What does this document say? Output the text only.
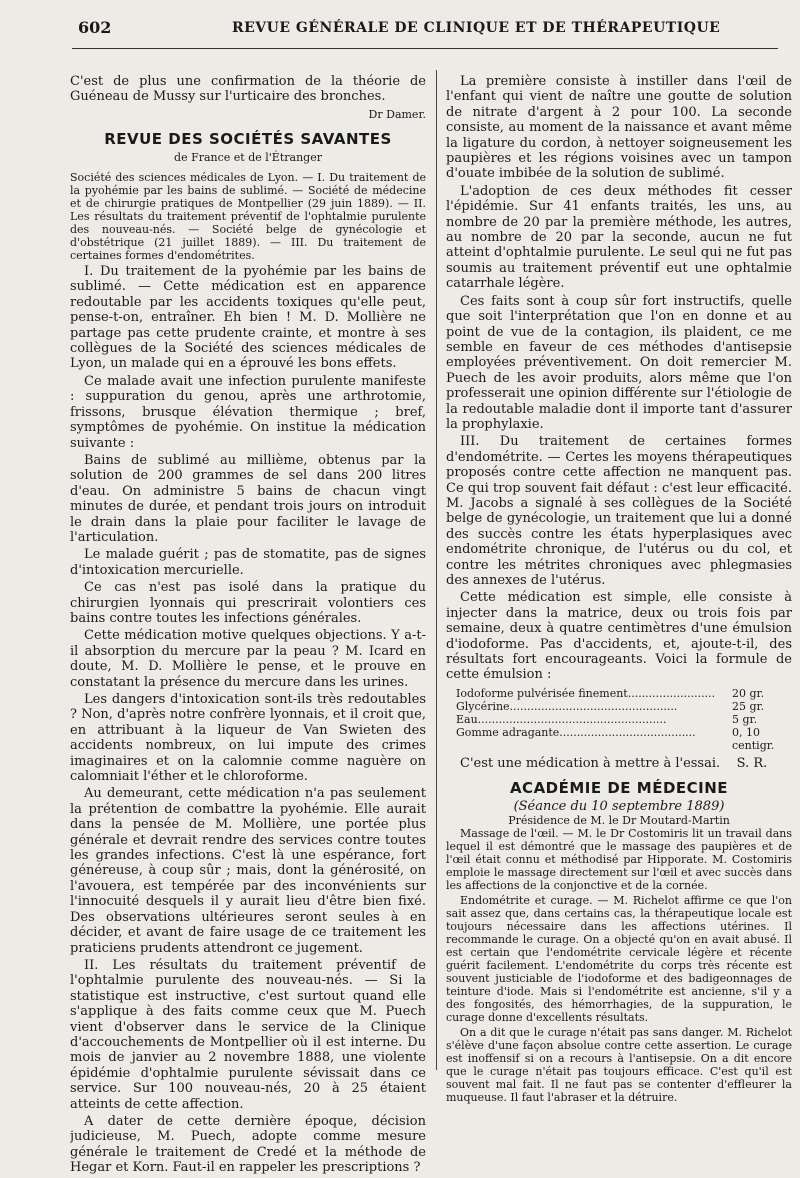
602	REVUE GÉNÉRALE DE CLINIQUE ET DE THÉRAPEUTIQUE

C'est de plus une confirmation de la théorie de Guéneau de Mussy sur l'urticaire des bronches.

Dr Damer.
REVUE DES SOCIÉTÉS SAVANTES
de France et de l'Étranger

Société des sciences médicales de Lyon. — I. Du traitement de la pyohémie par les bains de sublimé. — Société de médecine et de chirurgie pratiques de Montpellier (29 juin 1889). — II. Les résultats du traitement préventif de l'ophtalmie purulente des nouveau-nés. — Société belge de gynécologie et d'obstétrique (21 juillet 1889). — III. Du traitement de certaines formes d'endométrites.

I. Du traitement de la pyohémie par les bains de sublimé. — Cette médication est en apparence redoutable par les accidents toxiques qu'elle peut, pense-t-on, entraîner. Eh bien ! M. D. Mollière ne partage pas cette prudente crainte, et montre à ses collègues de la Société des sciences médicales de Lyon, un malade qui en a éprouvé les bons effets.

Ce malade avait une infection purulente manifeste : suppuration du genou, après une arthrotomie, frissons, brusque élévation thermique ; bref, symptômes de pyohémie. On institue la médication suivante :

Bains de sublimé au millième, obtenus par la solution de 200 grammes de sel dans 200 litres d'eau. On administre 5 bains de chacun vingt minutes de durée, et pendant trois jours on introduit le drain dans la plaie pour faciliter le lavage de l'articulation.

Le malade guérit ; pas de stomatite, pas de signes d'intoxication mercurielle.

Ce cas n'est pas isolé dans la pratique du chirurgien lyonnais qui prescrirait volontiers ces bains contre toutes les infections générales.

Cette médication motive quelques objections. Y a-t-il absorption du mercure par la peau ? M. Icard en doute, M. D. Mollière le pense, et le prouve en constatant la présence du mercure dans les urines.

Les dangers d'intoxication sont-ils très redoutables ? Non, d'après notre confrère lyonnais, et il croit que, en attribuant à la liqueur de Van Swieten des accidents nombreux, on lui impute des crimes imaginaires et on la calomnie comme naguère on calomniait l'éther et le chloroforme.

Au demeurant, cette médication n'a pas seulement la prétention de combattre la pyohémie. Elle aurait dans la pensée de M. Mollière, une portée plus générale et devrait rendre des services contre toutes les grandes infections. C'est là une espérance, fort généreuse, à coup sûr ; mais, dont la générosité, on l'avouera, est tempérée par des inconvénients sur l'innocuité desquels il y aurait lieu d'être bien fixé. Des observations ultérieures seront seules à en décider, et avant de faire usage de ce traitement les praticiens prudents attendront ce jugement.

II. Les résultats du traitement préventif de l'ophtalmie purulente des nouveau-nés. — Si la statistique est instructive, c'est surtout quand elle s'applique à des faits comme ceux que M. Puech vient d'observer dans le service de la Clinique d'accouchements de Montpellier où il est interne. Du mois de janvier au 2 novembre 1888, une violente épidémie d'ophtalmie purulente sévissait dans ce service. Sur 100 nouveau-nés, 20 à 25 étaient atteints de cette affection.

A dater de cette dernière époque, décision judicieuse, M. Puech, adopte comme mesure générale le traitement de Credé et la méthode de Hegar et Korn. Faut-il en rappeler les prescriptions ?

La première consiste à instiller dans l'œil de l'enfant qui vient de naître une goutte de solution de nitrate d'argent à 2 pour 100. La seconde consiste, au moment de la naissance et avant même la ligature du cordon, à nettoyer soigneusement les paupières et les régions voisines avec un tampon d'ouate imbibée de la solution de sublimé.

L'adoption de ces deux méthodes fit cesser l'épidémie. Sur 41 enfants traités, les uns, au nombre de 20 par la première méthode, les autres, au nombre de 20 par la seconde, aucun ne fut atteint d'ophtalmie purulente. Le seul qui ne fut pas soumis au traitement préventif eut une ophtalmie catarrhale légère.

Ces faits sont à coup sûr fort instructifs, quelle que soit l'interprétation que l'on en donne et au point de vue de la contagion, ils plaident, ce me semble en faveur de ces méthodes d'antisepsie employées préventivement. On doit remercier M. Puech de les avoir produits, alors même que l'on professerait une opinion différente sur l'étiologie de la redoutable maladie dont il importe tant d'assurer la prophylaxie.

III. Du traitement de certaines formes d'endométrite. — Certes les moyens thérapeutiques proposés contre cette affection ne manquent pas. Ce qui trop souvent fait défaut : c'est leur efficacité. M. Jacobs a signalé à ses collègues de la Société belge de gynécologie, un traitement que lui a donné des succès contre les états hyperplasiques avec endométrite chronique, de l'utérus ou du col, et contre les métrites chroniques avec phlegmasies des annexes de l'utérus.

Cette médication est simple, elle consiste à injecter dans la matrice, deux ou trois fois par semaine, deux à quatre centimètres d'une émulsion d'iodoforme. Pas d'accidents, et, ajoute-t-il, des résultats fort encourageants. Voici la formule de cette émulsion :

Iodoforme pulvérisée finement.........................	20 gr.
Glycérine................................................	25 gr.
Eau......................................................	5 gr.
Gomme adragante.......................................	0, 10 centigr.

C'est une médication à mettre à l'essai. S. R.

ACADÉMIE DE MÉDECINE
(Séance du 10 septembre 1889)
Présidence de M. le Dr Moutard-Martin

Massage de l'œil. — M. le Dr Costomiris lit un travail dans lequel il est démontré que le massage des paupières et de l'œil était connu et méthodisé par Hipporate. M. Costomiris emploie le massage directement sur l'œil et avec succès dans les affections de la conjonctive et de la cornée.

Endométrite et curage. — M. Richelot affirme ce que l'on sait assez que, dans certains cas, la thérapeutique locale est toujours nécessaire dans les affections utérines. Il recommande le curage. On a objecté qu'on en avait abusé. Il est certain que l'endométrite cervicale légère et récente guérit facilement. L'endométrite du corps très récente est souvent justiciable de l'iodoforme et des badigeonnages de teinture d'iode. Mais si l'endométrite est ancienne, s'il y a des fongosités, des hémorrhagies, de la suppuration, le curage donne d'excellents résultats.

On a dit que le curage n'était pas sans danger. M. Richelot s'élève d'une façon absolue contre cette assertion. Le curage est inoffensif si on a recours à l'antisepsie. On a dit encore que le curage n'était pas toujours efficace. C'est qu'il est souvent mal fait. Il ne faut pas se contenter d'effleurer la muqueuse. Il faut l'abraser et la détruire.
